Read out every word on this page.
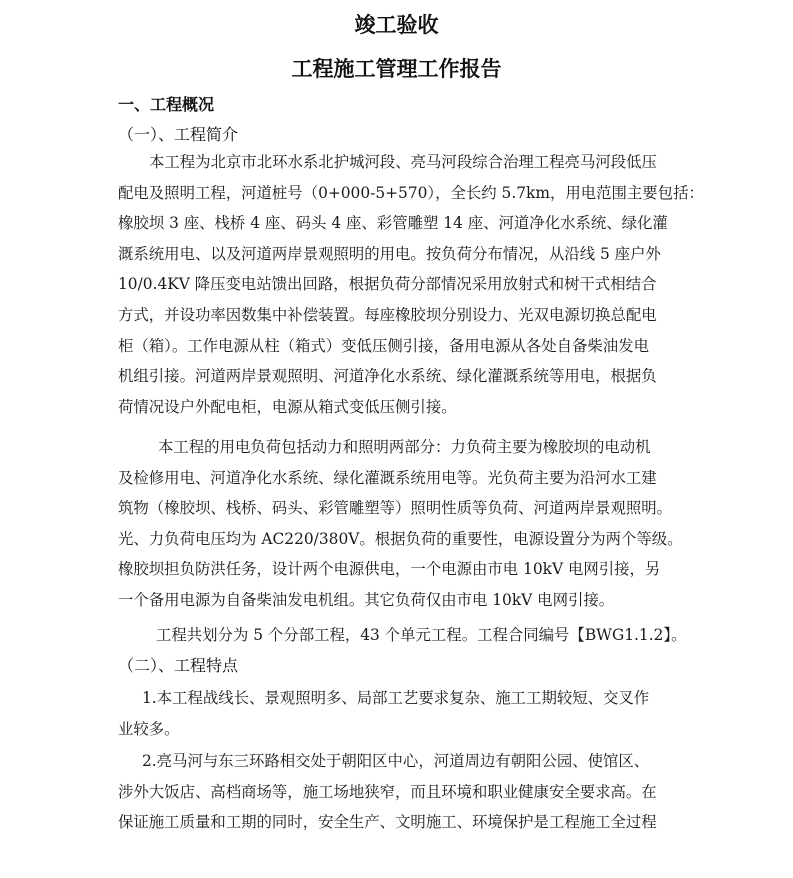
竣工验收
工程施工管理工作报告
一、工程概况
（一）、工程简介
本工程为北京市北环水系北护城河段、亮马河段综合治理工程亮马河段低压
配电及照明工程，河道桩号（0+000-5+570），全长约 5.7km，用电范围主要包括：
橡胶坝 3 座、栈桥 4 座、码头 4 座、彩管雕塑 14 座、河道净化水系统、绿化灌
溉系统用电、以及河道两岸景观照明的用电。按负荷分布情况，从沿线 5 座户外
10/0.4KV 降压变电站馈出回路，根据负荷分部情况采用放射式和树干式相结合
方式，并设功率因数集中补偿装置。每座橡胶坝分别设力、光双电源切换总配电
柜（箱）。工作电源从柱（箱式）变低压侧引接，备用电源从各处自备柴油发电
机组引接。河道两岸景观照明、河道净化水系统、绿化灌溉系统等用电，根据负
荷情况设户外配电柜，电源从箱式变低压侧引接。
本工程的用电负荷包括动力和照明两部分：力负荷主要为橡胶坝的电动机
及检修用电、河道净化水系统、绿化灌溉系统用电等。光负荷主要为沿河水工建
筑物（橡胶坝、栈桥、码头、彩管雕塑等）照明性质等负荷、河道两岸景观照明。
光、力负荷电压均为 AC220/380V。根据负荷的重要性，电源设置分为两个等级。
橡胶坝担负防洪任务，设计两个电源供电，一个电源由市电 10kV 电网引接，另
一个备用电源为自备柴油发电机组。其它负荷仅由市电 10kV 电网引接。
工程共划分为 5 个分部工程，43 个单元工程。工程合同编号【BWG1.1.2】。
（二）、工程特点
1.本工程战线长、景观照明多、局部工艺要求复杂、施工工期较短、交叉作
业较多。
2.亮马河与东三环路相交处于朝阳区中心，河道周边有朝阳公园、使馆区、
涉外大饭店、高档商场等，施工场地狭窄，而且环境和职业健康安全要求高。在
保证施工质量和工期的同时，安全生产、文明施工、环境保护是工程施工全过程
